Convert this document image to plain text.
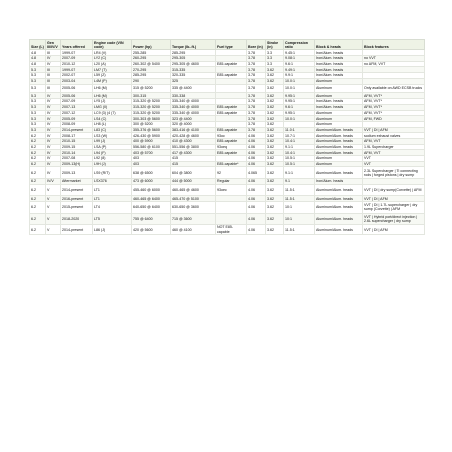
Size (L)	Gen III/IV/V	Years offered	Engine code (VIN code)	Power (hp)	Torque (lb.-ft.)	Fuel type	Bore (in)	Stroke (in)	Compression ratio	Block & heads	Block features
4.8	III	1999-07	LR4 (V)	255-285	285-295		3.78	3.3	9.45:1	Iron/Alum. heads	
4.8	IV	2007-09	LY2 (C)	260-295	295-305		3.78	3.3	9.08:1	Iron/Alum. heads	no VVT
4.8	IV	2010-12	L20 (A)	260-302 @ 5400	295-305 @ 4600	E85-capable	3.78	3.3	9.6:1	Iron/Alum. heads	no AFM, VVT
5.3	III	1999-07	LM7 (T)	270-295	315-335		3.78	3.62	9.49:1	Iron/Alum. heads	
5.3	III	2002-07	L59 (Z)	285-295	320-335	E85-capable	3.78	3.62	9.9:1	Iron/Alum. heads	
5.3	III	2003-04	L4M (P)	290	325		3.78	3.62	10.0:1	Aluminum	
5.3	III	2005-06	LH6 (M)	315 @ 5200	335 @ 4400		3.78	3.62	10.0:1	Aluminum	Only available on AWD ECSB trucks
5.3	IV	2005-06	LH6 (M)	300-315	330-338		3.78	3.62	9.95:1	Aluminum	AFM, VVT*
5.3	IV	2007-09	LY5 (J)	315-320 @ 5200	335-340 @ 4000		3.78	3.62	9.95:1	Iron/Alum. heads	AFM, VVT*
5.3	IV	2007-13	LMG (0)	315-320 @ 5200	335-340 @ 4000	E85-capable	3.78	3.62	9.6:1	Iron/Alum. heads	AFM, VVT*
5.3	IV	2007-12	LC9 (3) (4 (7)	315-320 @ 5200	335-340 @ 4000	E85-capable	3.78	3.62	9.95:1	Aluminum	AFM, VVT*
5.3	IV	2005-09	LS4 (C)	300-303 @ 5600	323 @ 4400		3.78	3.62	10.0:1	Aluminum	AFM, FWD
5.3	IV	2008-09	LH8 (L)	300 @ 5200	320 @ 4000		3.78	3.62		Aluminum	
5.3	IV	2014-present	L83 (C)	355-376 @ 5600	383-416 @ 4100	E85-capable	3.78	3.62	11.0:1	Aluminum/Alum. heads	VVT | DI | AFM
6.2	IV	2008-17	LS3 (W)	426-430 @ 5900	420-428 @ 4600	93oc	4.06	3.62	10.7:1	Aluminum/Alum. heads	sodium exhaust valves
6.2	IV	2010-15	L99 (J)	400 @ 5900	410 @ 4300	E85-capable	4.06	3.62	10.4:1	Aluminum/Alum. heads	AFM, VVT
6.2	IV	2009-15	LSA (P)	556-580 @ 6100	551-556 @ 3800	93oeq	4.06	3.62	9.1:1	Aluminum/Alum. heads	1.9L Supercharger
6.2	IV	2010-14	L94 (F)	403 @ 5700	417 @ 4300	E85-capable	4.06	3.62	10.4:1	Aluminum/Alum. heads	AFM, VVT
6.2	IV	2007-08	L92 (8)	403	415		4.06	3.62	10.5:1	Aluminum	VVT
6.2	IV	2009-13(H)	L9H (J)	403	415	E85-capable*	4.06	3.62	10.5:1	Aluminum	VVT
6.2	IV	2009-13	LS9 (R/T)	638 @ 6500	604 @ 3800	92	4.065	3.62	9.1:1	Aluminum/Alum. heads	2.3L Supercharger | Ti connecting rods | forged pistons | dry sump
6.2	IV/V	Aftermarket	LSX376	473 @ 6000	444 @ 5000	Regular	4.06	3.62	9.1	Iron/Alum. heads	
6.2	V	2014-present	LT1	455-460 @ 6000	460-465 @ 4600	93oec	4.06	3.62	11.5:1	Aluminum/Alum. heads	VVT | DI | dry sump(Corvette) | AFM
6.2	V	2016-present	LT1	460-465 @ 6400	465-470 @ 5100		4.06	3.62	11.5:1	Aluminum/Alum. heads	VVT | DI | AFM
6.2	V	2015-present	LT4	640-650 @ 6400	630-650 @ 3600		4.06	3.62	10:1	Aluminum/Alum. heads	VVT | DI | 1.7L supercharger | dry sump (Corvette) | AFM
6.2	V	2018-2020	LT5	755 @ 6400	715 @ 3600		4.06	3.62	10:1	Aluminum/Alum. heads	VVT | Hybrid port/direct injection | 2.6L supercharger | dry sump
6.2	V	2014-present	L86 (J)	420 @ 5600	460 @ 4100	NOT E85-capable	4.06	3.62	11.5:1	Aluminum/Alum. heads	VVT | DI | AFM
